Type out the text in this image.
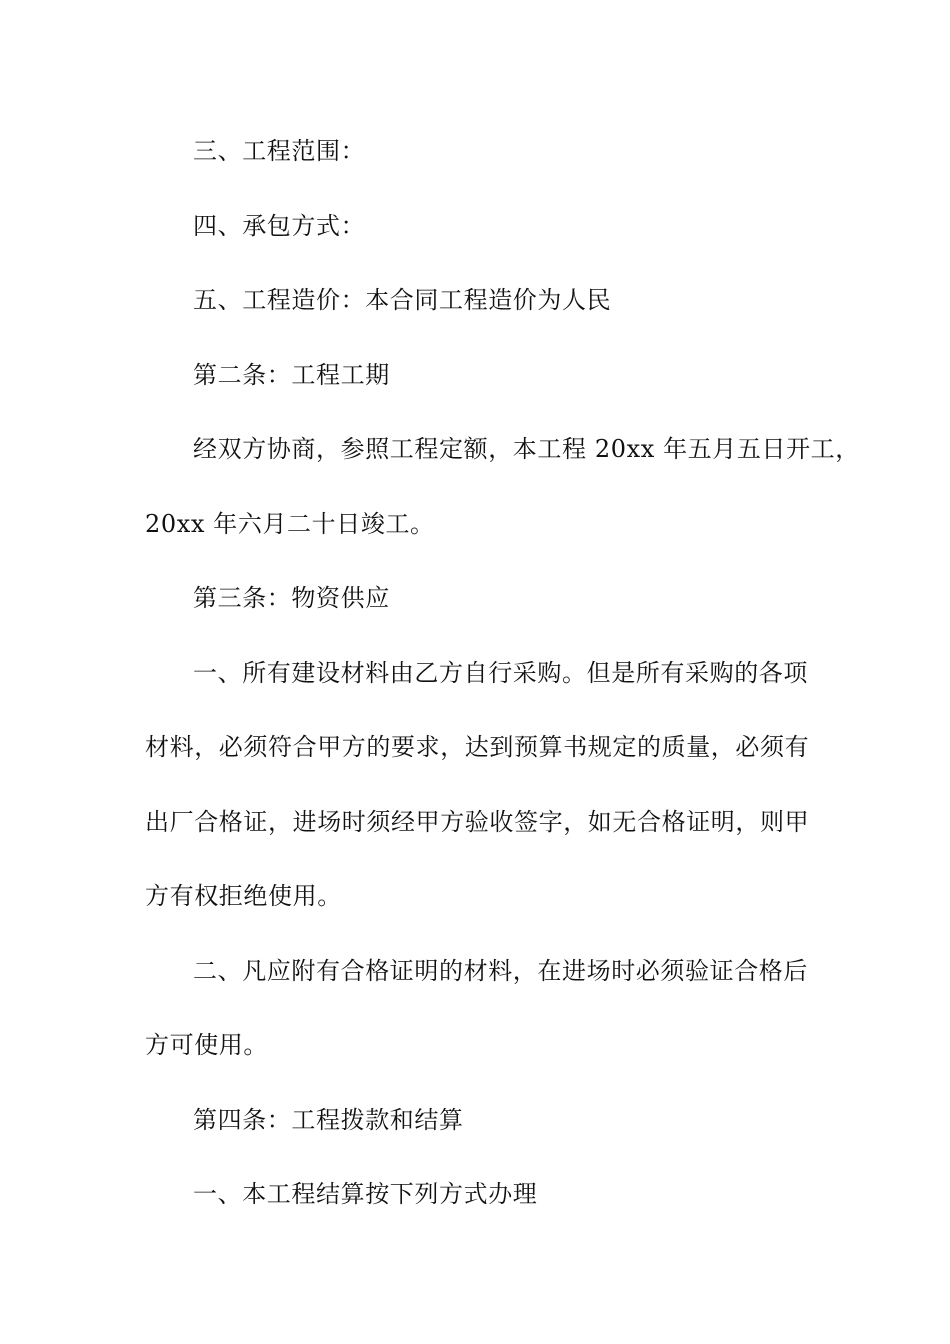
三、工程范围：
四、承包方式：
五、工程造价：本合同工程造价为人民
第二条：工程工期
经双方协商，参照工程定额，本工程 20xx 年五月五日开工，
20xx 年六月二十日竣工。
第三条：物资供应
一、所有建设材料由乙方自行采购。但是所有采购的各项
材料，必须符合甲方的要求，达到预算书规定的质量，必须有
出厂合格证，进场时须经甲方验收签字，如无合格证明，则甲
方有权拒绝使用。
二、凡应附有合格证明的材料，在进场时必须验证合格后
方可使用。
第四条：工程拨款和结算
一、本工程结算按下列方式办理
